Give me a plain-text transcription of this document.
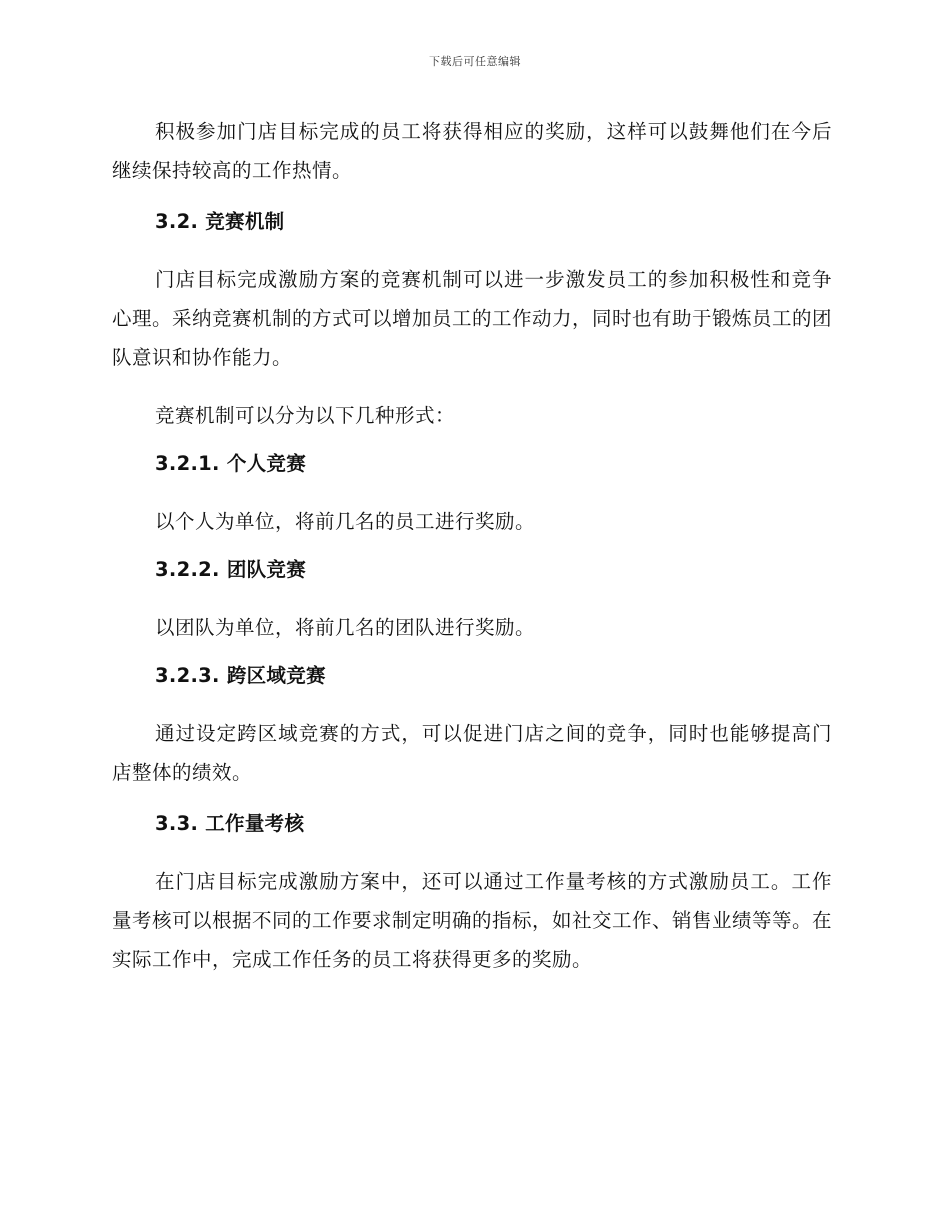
下载后可任意编辑

积极参加门店目标完成的员工将获得相应的奖励，这样可以鼓舞他们在今后继续保持较高的工作热情。

3.2. 竞赛机制

门店目标完成激励方案的竞赛机制可以进一步激发员工的参加积极性和竞争心理。采纳竞赛机制的方式可以增加员工的工作动力，同时也有助于锻炼员工的团队意识和协作能力。

竞赛机制可以分为以下几种形式：

3.2.1. 个人竞赛

以个人为单位，将前几名的员工进行奖励。

3.2.2. 团队竞赛

以团队为单位，将前几名的团队进行奖励。

3.2.3. 跨区域竞赛

通过设定跨区域竞赛的方式，可以促进门店之间的竞争，同时也能够提高门店整体的绩效。

3.3. 工作量考核

在门店目标完成激励方案中，还可以通过工作量考核的方式激励员工。工作量考核可以根据不同的工作要求制定明确的指标，如社交工作、销售业绩等等。在实际工作中，完成工作任务的员工将获得更多的奖励。
